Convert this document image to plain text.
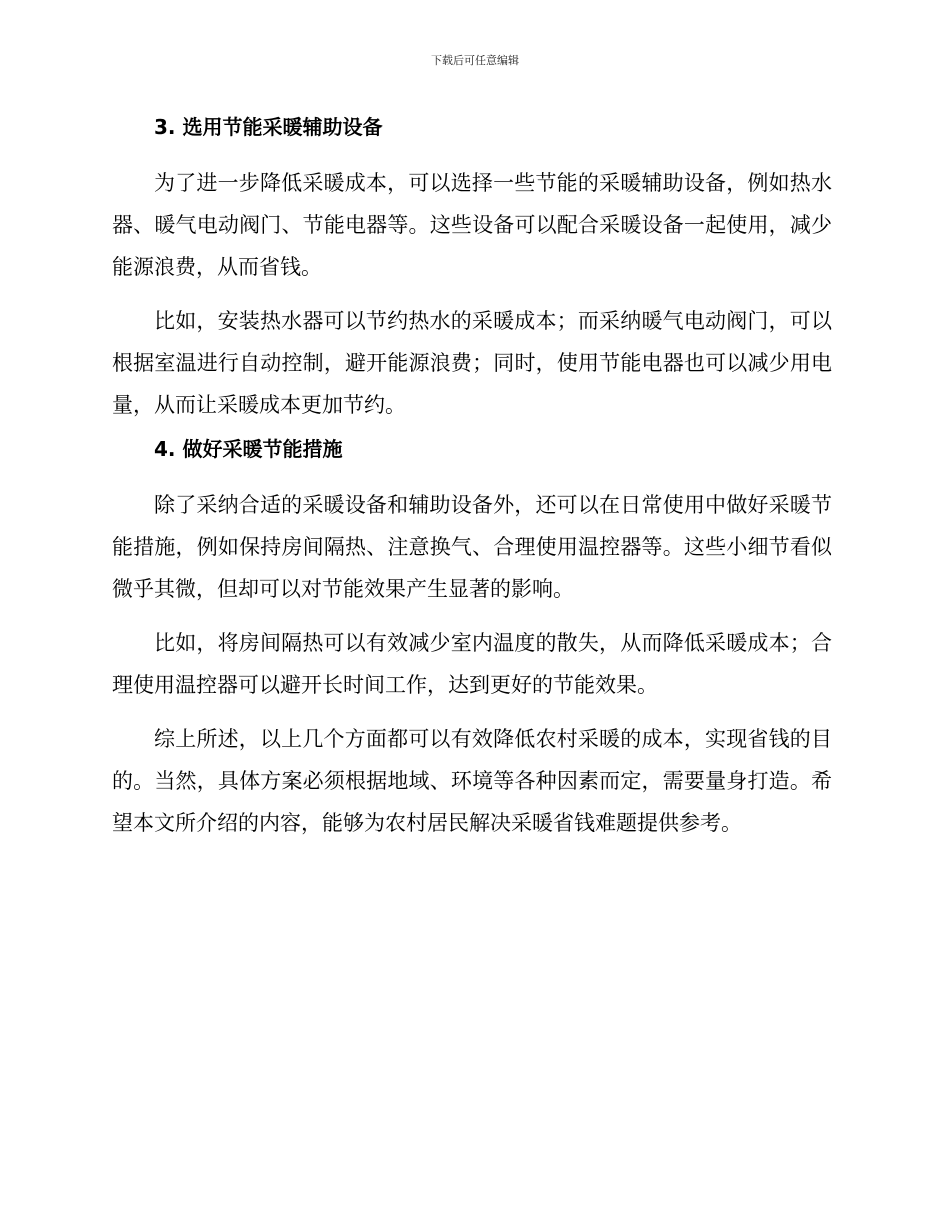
下载后可任意编辑
3. 选用节能采暖辅助设备

为了进一步降低采暖成本，可以选择一些节能的采暖辅助设备，例如热水器、暖气电动阀门、节能电器等。这些设备可以配合采暖设备一起使用，减少能源浪费，从而省钱。

比如，安装热水器可以节约热水的采暖成本；而采纳暖气电动阀门，可以根据室温进行自动控制，避开能源浪费；同时，使用节能电器也可以减少用电量，从而让采暖成本更加节约。

4. 做好采暖节能措施

除了采纳合适的采暖设备和辅助设备外，还可以在日常使用中做好采暖节能措施，例如保持房间隔热、注意换气、合理使用温控器等。这些小细节看似微乎其微，但却可以对节能效果产生显著的影响。

比如，将房间隔热可以有效减少室内温度的散失，从而降低采暖成本；合理使用温控器可以避开长时间工作，达到更好的节能效果。

综上所述，以上几个方面都可以有效降低农村采暖的成本，实现省钱的目的。当然，具体方案必须根据地域、环境等各种因素而定，需要量身打造。希望本文所介绍的内容，能够为农村居民解决采暖省钱难题提供参考。
